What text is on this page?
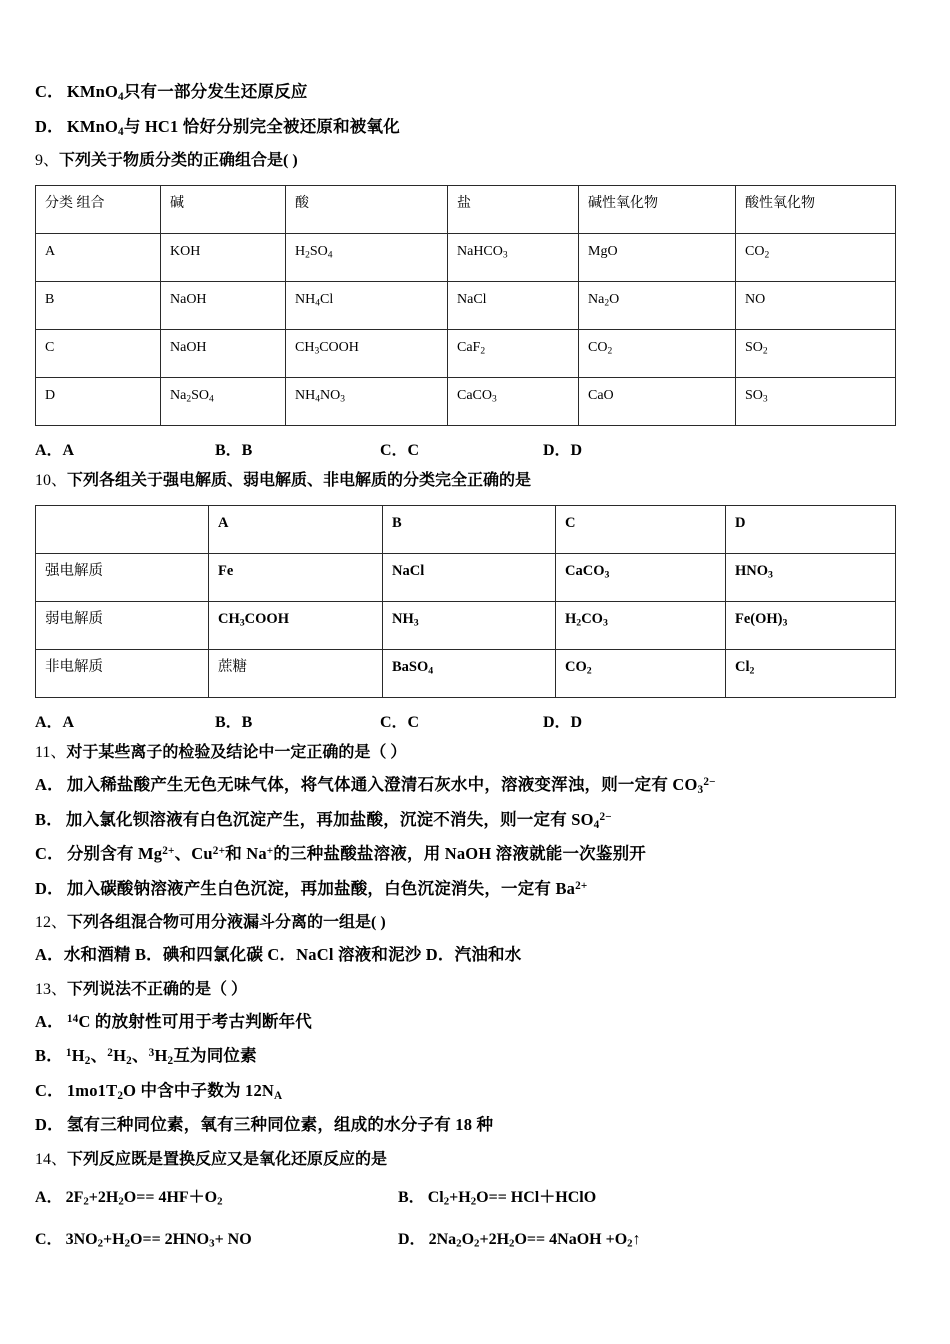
C． KMnO$_4$只有一部分发生还原反应
D． KMnO$_4$与 HC1 恰好分别完全被还原和被氧化
9、下列关于物质分类的正确组合是( )
分类 组合	碱	酸	盐	碱性氧化物	酸性氧化物
A	KOH	$H_2SO_4$	NaHCO$_3$	MgO	$CO_2$
B	NaOH	$NH_4Cl$	NaCl	$Na_2O$	NO
C	NaOH	$CH_3COOH$	CaF$_2$	$CO_2$	$SO_2$
D	$Na_2SO_4$	$NH_4NO_3$	CaCO$_3$	CaO	$SO_3$
A．A	B．B	C．C	D．D
10、下列各组关于强电解质、弱电解质、非电解质的分类完全正确的是
	A	B	C	D
强电解质	Fe	NaCl	CaCO$_3$	$HNO_3$
弱电解质	$CH_3COOH$	$NH_3$	$H_2CO_3$	$Fe(OH)_3$
非电解质	蔗糖	BaSO$_4$	$CO_2$	$Cl_2$
A．A	B．B	C．C	D．D
11、对于某些离子的检验及结论中一定正确的是（ ）
A． 加入稀盐酸产生无色无味气体，将气体通入澄清石灰水中，溶液变浑浊，则一定有 $CO_3^{2-}$
B． 加入氯化钡溶液有白色沉淀产生，再加盐酸，沉淀不消失，则一定有 $SO_4^{2-}$
C． 分别含有 $Mg^{2+}$、$Cu^{2+}$和 Na+的三种盐酸盐溶液，用 NaOH 溶液就能一次鉴别开
D． 加入碳酸钠溶液产生白色沉淀，再加盐酸，白色沉淀消失，一定有 $Ba^{2+}$
12、下列各组混合物可用分液漏斗分离的一组是( )
A．水和酒精 B．碘和四氯化碳 C．NaCl 溶液和泥沙 D．汽油和水
13、下列说法不正确的是（ ）
A． $^{14}$C 的放射性可用于考古判断年代
B． $^1H_2$、$^2H_2$、$^3H_2$互为同位素
C． $1mo1T_2O$ 中含中子数为 $12N_A$
D． 氢有三种同位素，氧有三种同位素，组成的水分子有 18 种
14、下列反应既是置换反应又是氧化还原反应的是
A． $2F_2+2H_2O== 4HF+O_2$	B． $Cl_2+H_2O==$ HCl＋HClO
C． $3NO_2+H_2O== 2HNO_3+$ NO	D． $2Na_2O_2+2H_2O==$ 4NaOH $+O_2↑$
